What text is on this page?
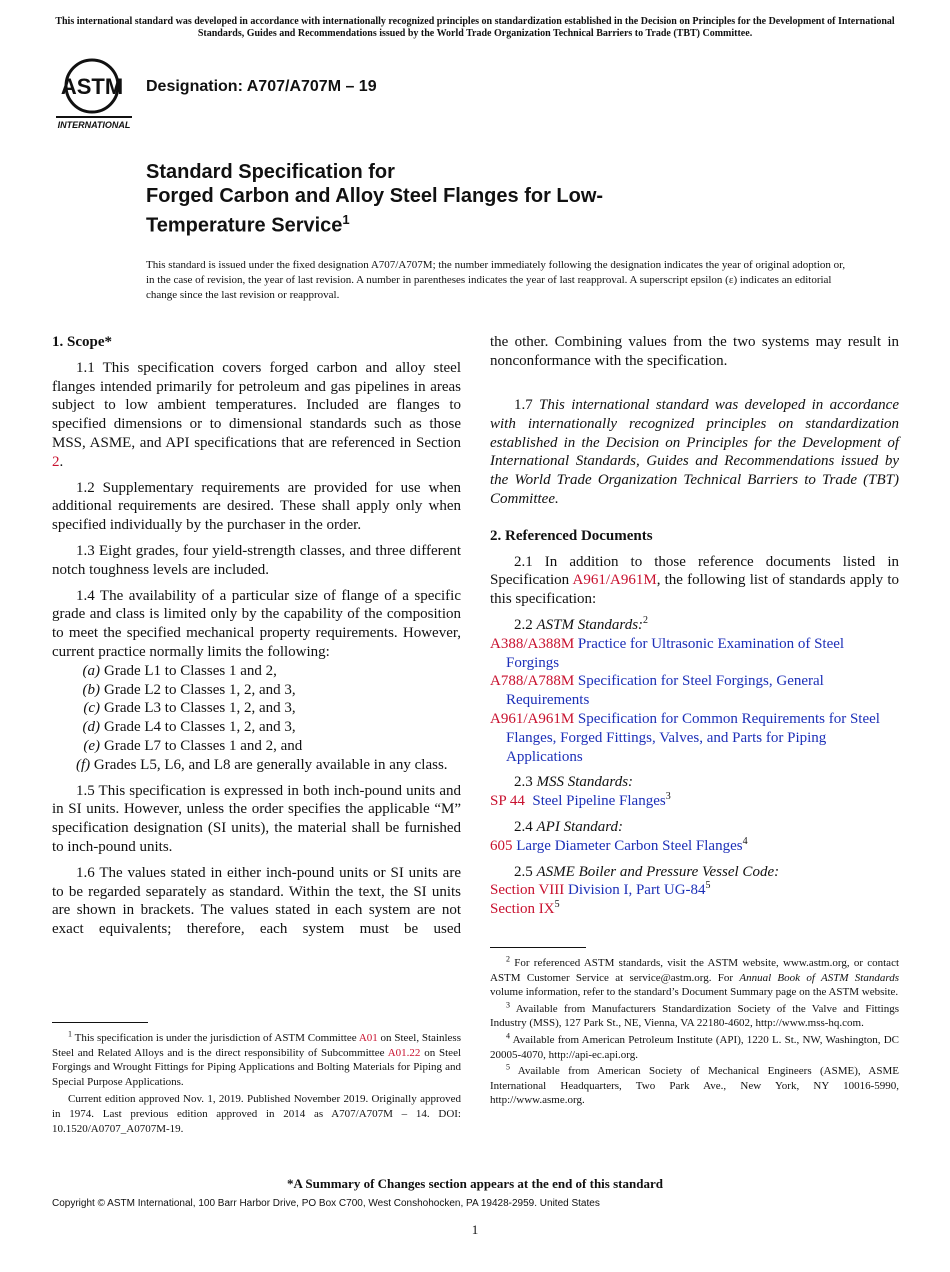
This international standard was developed in accordance with internationally recognized principles on standardization established in the Decision on Principles for the Development of International Standards, Guides and Recommendations issued by the World Trade Organization Technical Barriers to Trade (TBT) Committee.
ASTM
INTERNATIONAL
Designation: A707/A707M – 19
Standard Specification for
Forged Carbon and Alloy Steel Flanges for Low-
Temperature Service$^1$
This standard is issued under the fixed designation A707/A707M; the number immediately following the designation indicates the year of original adoption or, in the case of revision, the year of last revision. A number in parentheses indicates the year of last reapproval. A superscript epsilon (ε) indicates an editorial change since the last revision or reapproval.
1. Scope*

1.1 This specification covers forged carbon and alloy steel flanges intended primarily for petroleum and gas pipelines in areas subject to low ambient temperatures. Included are flanges to specified dimensions or to dimensional standards such as those MSS, ASME, and API specifications that are referenced in Section 2.

1.2 Supplementary requirements are provided for use when additional requirements are desired. These shall apply only when specified individually by the purchaser in the order.

1.3 Eight grades, four yield-strength classes, and three different notch toughness levels are included.

1.4 The availability of a particular size of flange of a specific grade and class is limited only by the capability of the composition to meet the specified mechanical property requirements. However, current practice normally limits the following:

(a) Grade L1 to Classes 1 and 2,

(b) Grade L2 to Classes 1, 2, and 3,

(c) Grade L3 to Classes 1, 2, and 3,

(d) Grade L4 to Classes 1, 2, and 3,

(e) Grade L7 to Classes 1 and 2, and

(f) Grades L5, L6, and L8 are generally available in any class.

1.5 This specification is expressed in both inch-pound units and in SI units. However, unless the order specifies the applicable “M” specification designation (SI units), the material shall be furnished to inch-pound units.

1.6 The values stated in either inch-pound units or SI units are to be regarded separately as standard. Within the text, the SI units are shown in brackets. The values stated in each system are not exact equivalents; therefore, each system must be used

$^1$ This specification is under the jurisdiction of ASTM Committee A01 on Steel, Stainless Steel and Related Alloys and is the direct responsibility of Subcommittee A01.22 on Steel Forgings and Wrought Fittings for Piping Applications and Bolting Materials for Piping and Special Purpose Applications.

Current edition approved Nov. 1, 2019. Published November 2019. Originally approved in 1974. Last previous edition approved in 2014 as A707/A707M – 14. DOI: 10.1520/A0707_A0707M-19.

the other. Combining values from the two systems may result in nonconformance with the specification.

1.7 This international standard was developed in accordance with internationally recognized principles on standardization established in the Decision on Principles for the Development of International Standards, Guides and Recommendations issued by the World Trade Organization Technical Barriers to Trade (TBT) Committee.

2. Referenced Documents

2.1 In addition to those reference documents listed in Specification A961/A961M, the following list of standards apply to this specification:

2.2 ASTM Standards:$^2$

A388/A388M Practice for Ultrasonic Examination of Steel Forgings

A788/A788M Specification for Steel Forgings, General Requirements

A961/A961M Specification for Common Requirements for Steel Flanges, Forged Fittings, Valves, and Parts for Piping Applications

2.3 MSS Standards:

SP 44 Steel Pipeline Flanges$^3$

2.4 API Standard:

605 Large Diameter Carbon Steel Flanges$^4$

2.5 ASME Boiler and Pressure Vessel Code:

Section VIII Division I, Part $UG-84^5$

Section $IX^5$

$^2$ For referenced ASTM standards, visit the ASTM website, www.astm.org, or contact ASTM Customer Service at service@astm.org. For Annual Book of ASTM Standards volume information, refer to the standard’s Document Summary page on the ASTM website.

$^3$ Available from Manufacturers Standardization Society of the Valve and Fittings Industry (MSS), 127 Park St., NE, Vienna, VA 22180-4602, http://www.mss-hq.com.

$^4$ Available from American Petroleum Institute (API), 1220 L. St., NW, Washington, DC 20005-4070, http://api-ec.api.org.

$^5$ Available from American Society of Mechanical Engineers (ASME), ASME International Headquarters, Two Park Ave., New York, NY 10016-5990, http://www.asme.org.

*A Summary of Changes section appears at the end of this standard
Copyright © ASTM International, 100 Barr Harbor Drive, PO Box C700, West Conshohocken, PA 19428-2959. United States
1
